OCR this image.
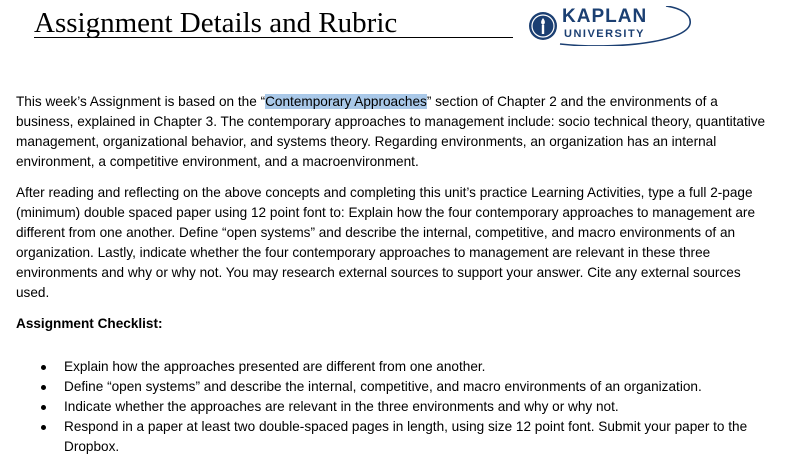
Assignment Details and Rubric	KAPLAN
UNIVERSITY

This week’s Assignment is based on the “Contemporary Approaches” section of Chapter 2 and the environments of a business, explained in Chapter 3. The contemporary approaches to management include: socio technical theory, quantitative management, organizational behavior, and systems theory. Regarding environments, an organization has an internal environment, a competitive environment, and a macroenvironment.

After reading and reflecting on the above concepts and completing this unit’s practice Learning Activities, type a full 2-page (minimum) double spaced paper using 12 point font to: Explain how the four contemporary approaches to management are different from one another. Define “open systems” and describe the internal, competitive, and macro environments of an organization. Lastly, indicate whether the four contemporary approaches to management are relevant in these three environments and why or why not. You may research external sources to support your answer. Cite any external sources used.

Assignment Checklist:

Explain how the approaches presented are different from one another.
Define “open systems” and describe the internal, competitive, and macro environments of an organization.
Indicate whether the approaches are relevant in the three environments and why or why not.
Respond in a paper at least two double-spaced pages in length, using size 12 point font. Submit your paper to the Dropbox.
